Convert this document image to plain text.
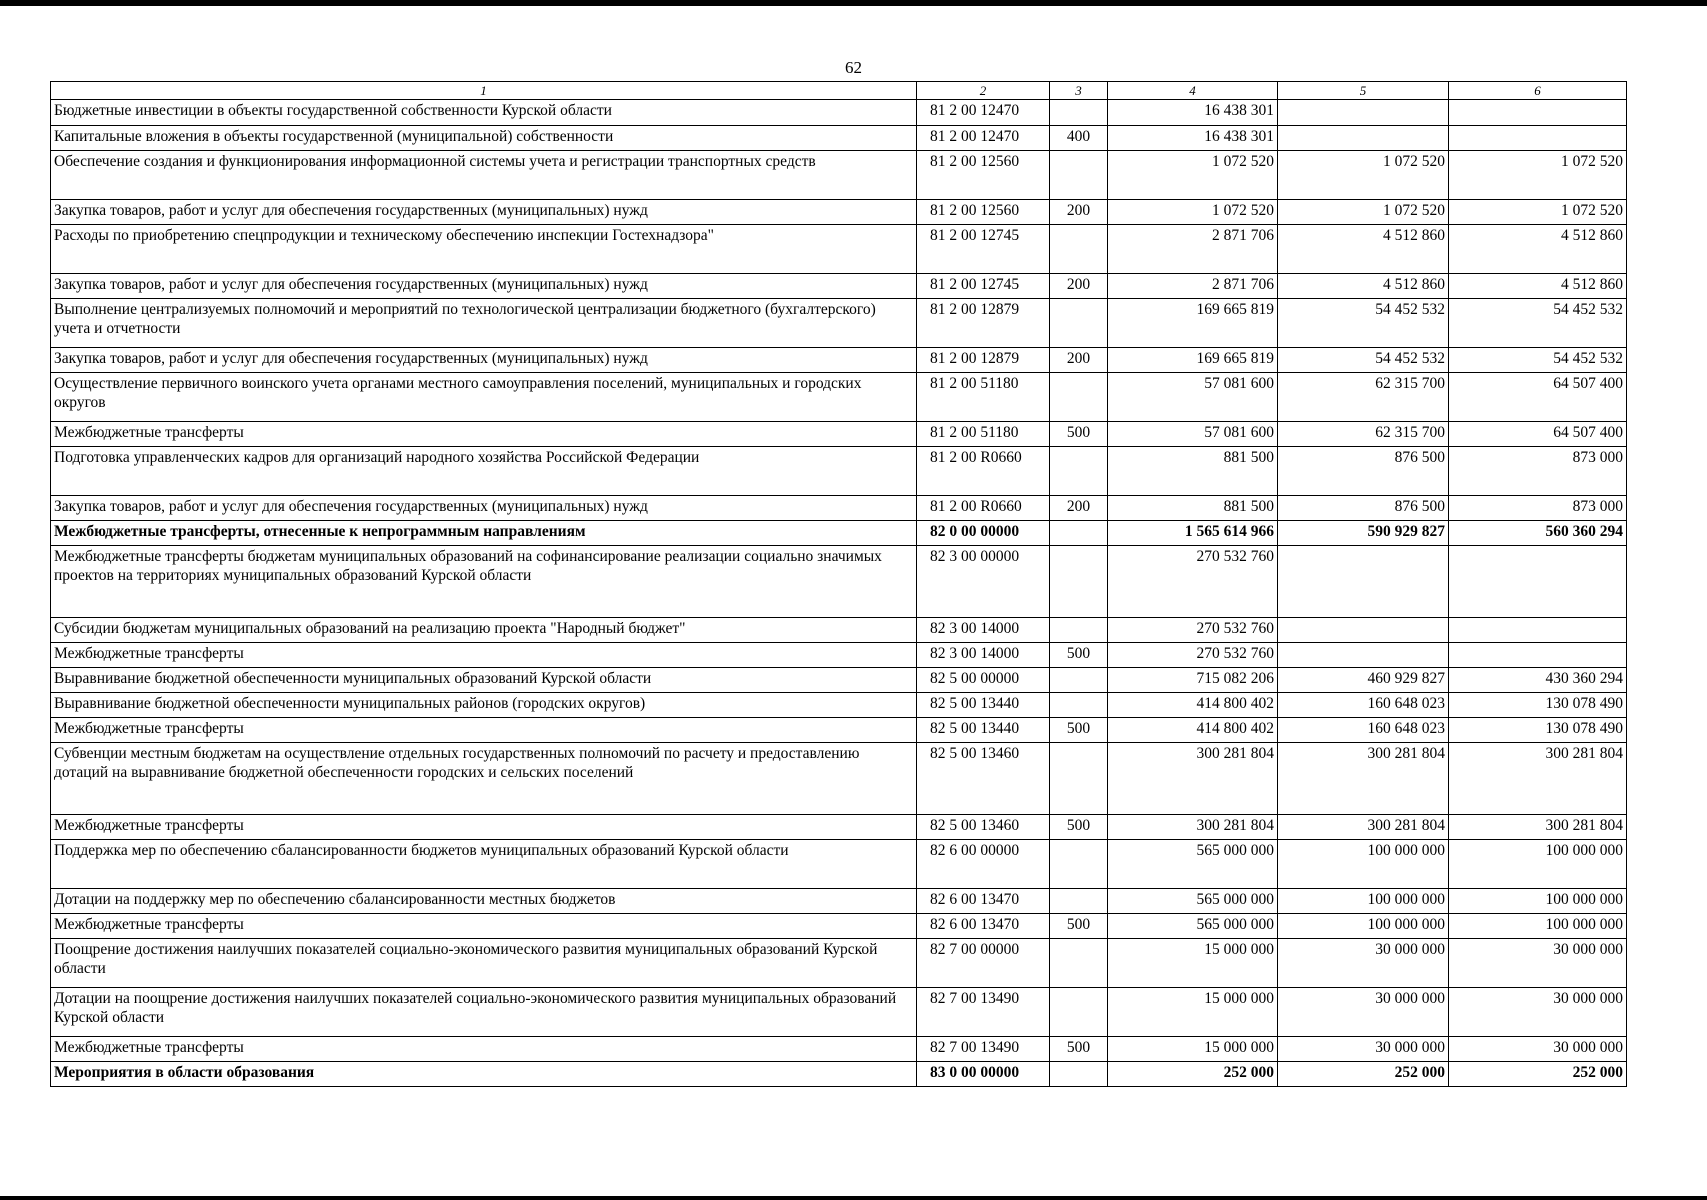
62
1	2	3	4	5	6
Бюджетные инвестиции в объекты государственной собственности Курской области	81 2 00 12470		16 438 301		
Капитальные вложения в объекты государственной (муниципальной) собственности	81 2 00 12470	400	16 438 301		
Обеспечение создания и функционирования информационной системы учета и регистрации транспортных средств	81 2 00 12560		1 072 520	1 072 520	1 072 520
Закупка товаров, работ и услуг для обеспечения государственных (муниципальных) нужд	81 2 00 12560	200	1 072 520	1 072 520	1 072 520
Расходы по приобретению спецпродукции и техническому обеспечению инспекции Гостехнадзора"	81 2 00 12745		2 871 706	4 512 860	4 512 860
Закупка товаров, работ и услуг для обеспечения государственных (муниципальных) нужд	81 2 00 12745	200	2 871 706	4 512 860	4 512 860
Выполнение централизуемых полномочий и мероприятий по технологической централизации бюджетного (бухгалтерского) учета и отчетности	81 2 00 12879		169 665 819	54 452 532	54 452 532
Закупка товаров, работ и услуг для обеспечения государственных (муниципальных) нужд	81 2 00 12879	200	169 665 819	54 452 532	54 452 532
Осуществление первичного воинского учета органами местного самоуправления поселений, муниципальных и городских округов	81 2 00 51180		57 081 600	62 315 700	64 507 400
Межбюджетные трансферты	81 2 00 51180	500	57 081 600	62 315 700	64 507 400
Подготовка управленческих кадров для организаций народного хозяйства Российской Федерации	81 2 00 R0660		881 500	876 500	873 000
Закупка товаров, работ и услуг для обеспечения государственных (муниципальных) нужд	81 2 00 R0660	200	881 500	876 500	873 000
Межбюджетные трансферты, отнесенные к непрограммным направлениям	82 0 00 00000		1 565 614 966	590 929 827	560 360 294
Межбюджетные трансферты бюджетам муниципальных образований на софинансирование реализации социально значимых проектов на территориях муниципальных образований Курской области	82 3 00 00000		270 532 760		
Субсидии бюджетам муниципальных образований на реализацию проекта "Народный бюджет"	82 3 00 14000		270 532 760		
Межбюджетные трансферты	82 3 00 14000	500	270 532 760		
Выравнивание бюджетной обеспеченности муниципальных образований Курской области	82 5 00 00000		715 082 206	460 929 827	430 360 294
Выравнивание бюджетной обеспеченности муниципальных районов (городских округов)	82 5 00 13440		414 800 402	160 648 023	130 078 490
Межбюджетные трансферты	82 5 00 13440	500	414 800 402	160 648 023	130 078 490
Субвенции местным бюджетам на осуществление отдельных государственных полномочий по расчету и предоставлению дотаций на выравнивание бюджетной обеспеченности городских и сельских поселений	82 5 00 13460		300 281 804	300 281 804	300 281 804
Межбюджетные трансферты	82 5 00 13460	500	300 281 804	300 281 804	300 281 804
Поддержка мер по обеспечению сбалансированности бюджетов муниципальных образований Курской области	82 6 00 00000		565 000 000	100 000 000	100 000 000
Дотации на поддержку мер по обеспечению сбалансированности местных бюджетов	82 6 00 13470		565 000 000	100 000 000	100 000 000
Межбюджетные трансферты	82 6 00 13470	500	565 000 000	100 000 000	100 000 000
Поощрение достижения наилучших показателей социально-экономического развития муниципальных образований Курской области	82 7 00 00000		15 000 000	30 000 000	30 000 000
Дотации на поощрение достижения наилучших показателей социально-экономического развития муниципальных образований Курской области	82 7 00 13490		15 000 000	30 000 000	30 000 000
Межбюджетные трансферты	82 7 00 13490	500	15 000 000	30 000 000	30 000 000
Мероприятия в области образования	83 0 00 00000		252 000	252 000	252 000
